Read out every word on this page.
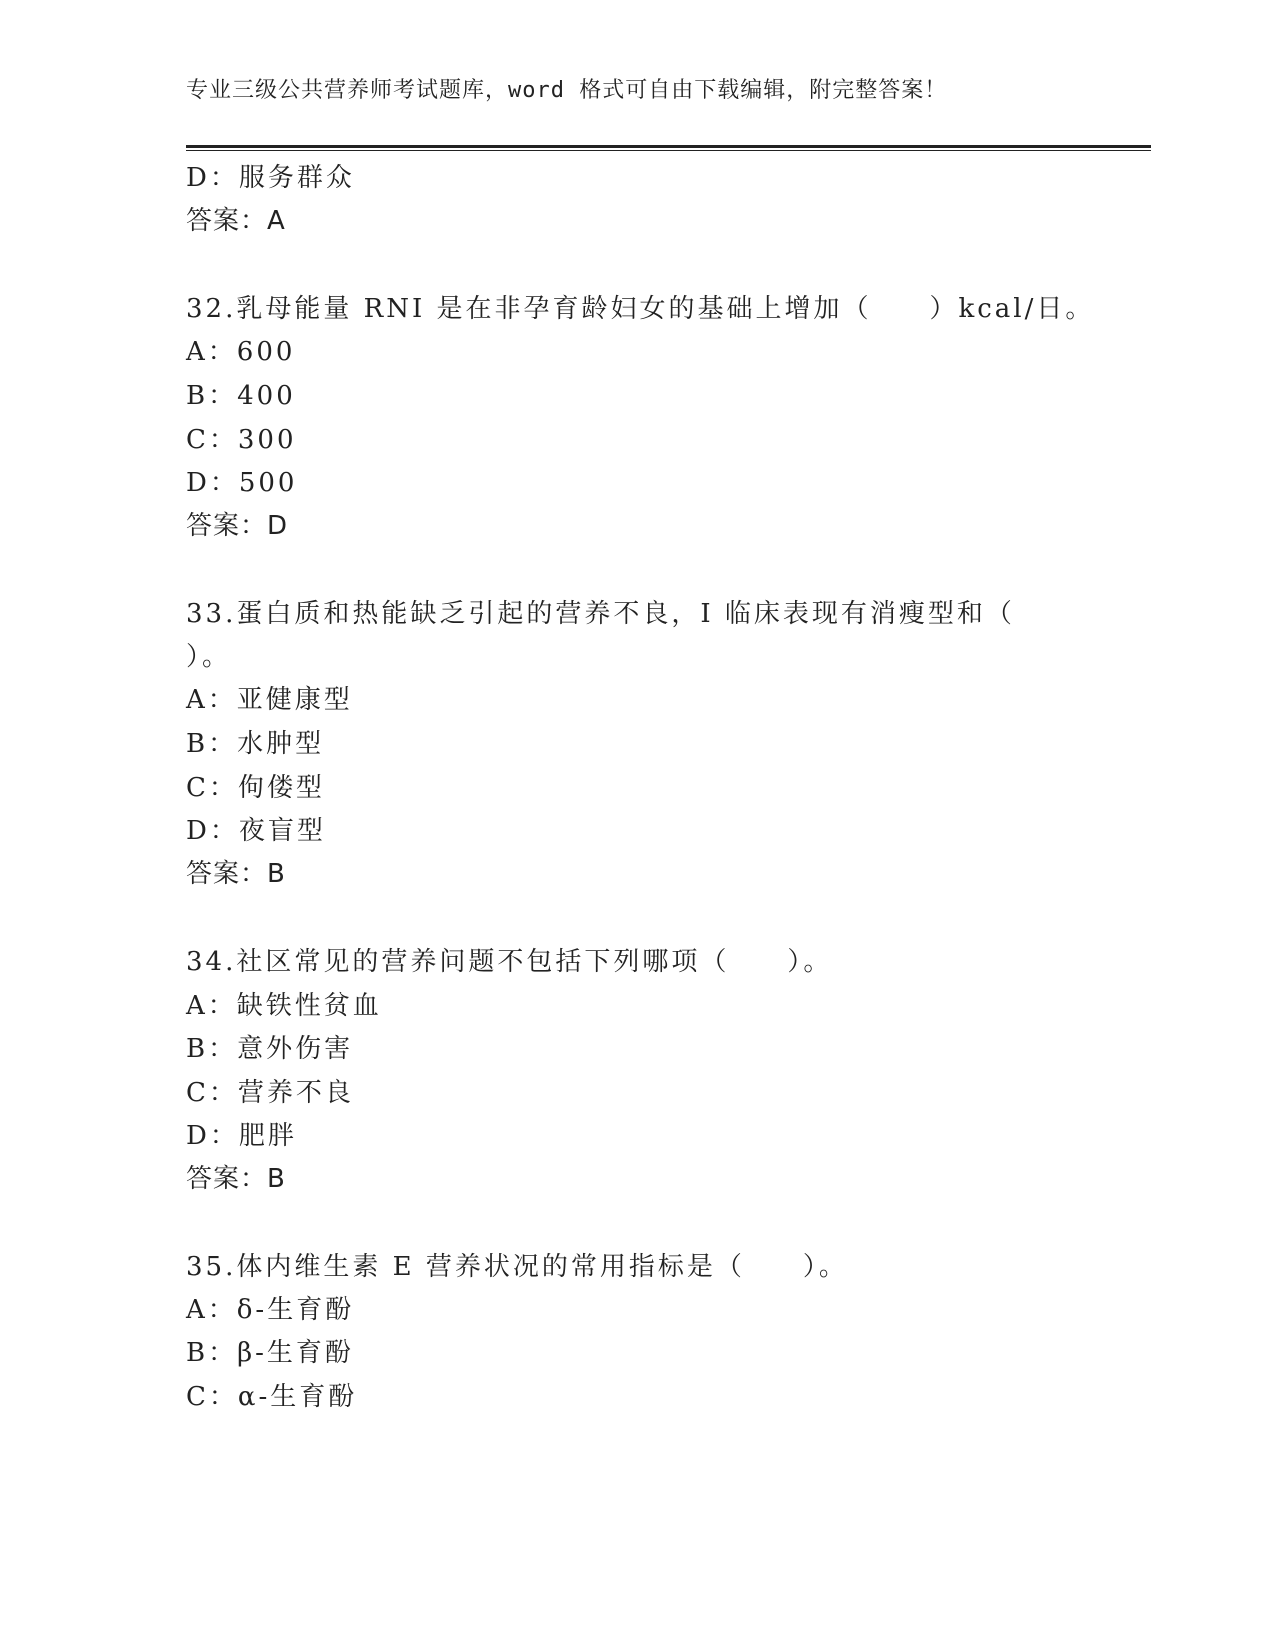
专业三级公共营养师考试题库，word 格式可自由下载编辑，附完整答案！
D：服务群众
答案：A
32.乳母能量 RNI 是在非孕育龄妇女的基础上增加（　　）kcal/日。
A：600
B：400
C：300
D：500
答案：D
33.蛋白质和热能缺乏引起的营养不良，I 临床表现有消瘦型和（
）。
A：亚健康型
B：水肿型
C：佝偻型
D：夜盲型
答案：B
34.社区常见的营养问题不包括下列哪项（　　）。
A：缺铁性贫血
B：意外伤害
C：营养不良
D：肥胖
答案：B
35.体内维生素 E 营养状况的常用指标是（　　）。
A：δ-生育酚
B：β-生育酚
C：α-生育酚
